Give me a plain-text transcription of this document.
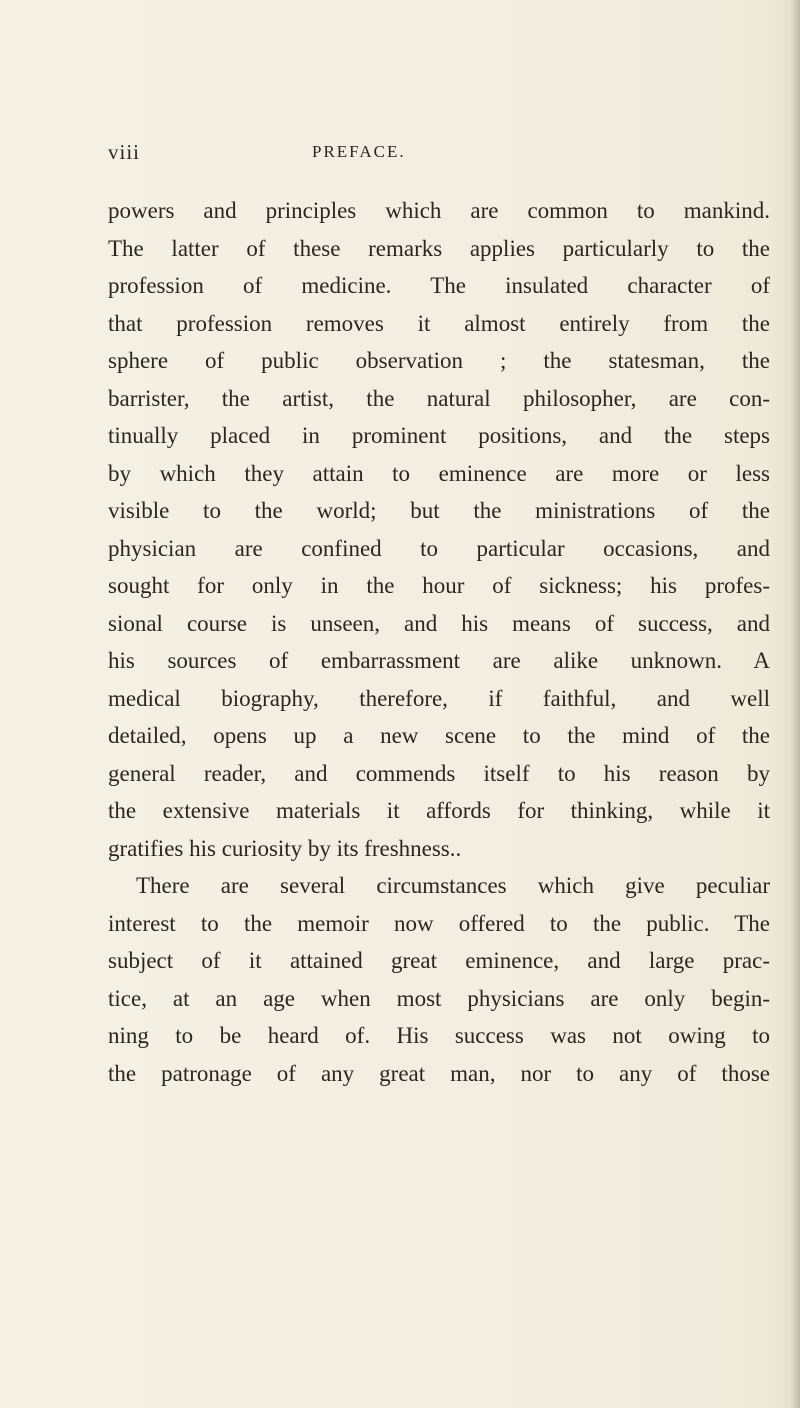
viii	PREFACE.
powers and principles which are common to mankind.
The latter of these remarks applies particularly to the
profession of medicine. The insulated character of
that profession removes it almost entirely from the
sphere of public observation ; the statesman, the
barrister, the artist, the natural philosopher, are con-
tinually placed in prominent positions, and the steps
by which they attain to eminence are more or less
visible to the world; but the ministrations of the
physician are confined to particular occasions, and
sought for only in the hour of sickness; his profes-
sional course is unseen, and his means of success, and
his sources of embarrassment are alike unknown. A
medical biography, therefore, if faithful, and well
detailed, opens up a new scene to the mind of the
general reader, and commends itself to his reason by
the extensive materials it affords for thinking, while it
gratifies his curiosity by its freshness..
There are several circumstances which give peculiar
interest to the memoir now offered to the public. The
subject of it attained great eminence, and large prac-
tice, at an age when most physicians are only begin-
ning to be heard of. His success was not owing to
the patronage of any great man, nor to any of those
